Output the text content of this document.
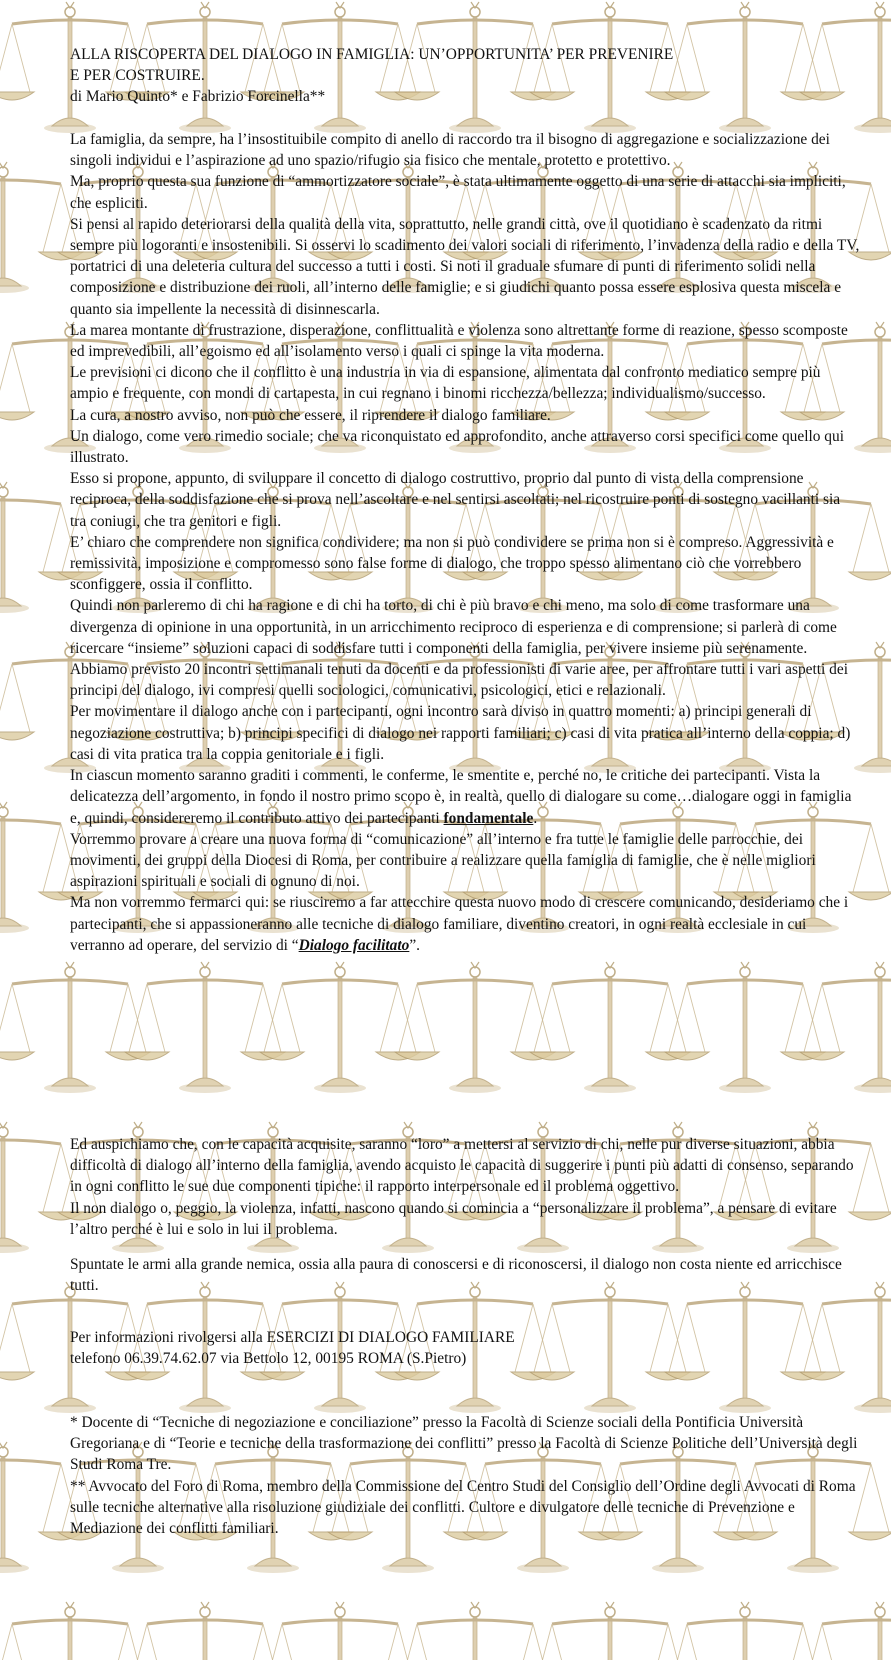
ALLA RISCOPERTA DEL DIALOGO IN FAMIGLIA: UN’OPPORTUNITA’ PER PREVENIRE

E PER COSTRUIRE.

di Mario Quinto* e Fabrizio Forcinella**

La famiglia, da sempre, ha l’insostituibile compito di anello di raccordo tra il bisogno di aggregazione e socializzazione dei singoli individui e l’aspirazione ad uno spazio/rifugio sia fisico che mentale, protetto e protettivo.

Ma, proprio questa sua funzione di “ammortizzatore sociale”, è stata ultimamente oggetto di una serie di attacchi sia impliciti, che espliciti.

Si pensi al rapido deteriorarsi della qualità della vita, soprattutto, nelle grandi città, ove il quotidiano è scadenzato da ritmi sempre più logoranti e insostenibili. Si osservi lo scadimento dei valori sociali di riferimento, l’invadenza della radio e della TV, portatrici di una deleteria cultura del successo a tutti i costi. Si noti il graduale sfumare di punti di riferimento solidi nella composizione e distribuzione dei ruoli, all’interno delle famiglie; e si giudichi quanto possa essere esplosiva questa miscela e quanto sia impellente la necessità di disinnescarla.

La marea montante di frustrazione, disperazione, conflittualità e violenza sono altrettante forme di reazione, spesso scomposte ed imprevedibili, all’egoismo ed all’isolamento verso i quali ci spinge la vita moderna.

Le previsioni ci dicono che il conflitto è una industria in via di espansione, alimentata dal confronto mediatico sempre più ampio e frequente, con mondi di cartapesta, in cui regnano i binomi ricchezza/bellezza; individualismo/successo.

La cura, a nostro avviso, non può che essere, il riprendere il dialogo familiare.

Un dialogo, come vero rimedio sociale; che va riconquistato ed approfondito, anche attraverso corsi specifici come quello qui illustrato.

Esso si propone, appunto, di sviluppare il concetto di dialogo costruttivo, proprio dal punto di vista della comprensione reciproca, della soddisfazione che si prova nell’ascoltare e nel sentirsi ascoltati; nel ricostruire ponti di sostegno vacillanti sia tra coniugi, che tra genitori e figli.

E’ chiaro che comprendere non significa condividere; ma non si può condividere se prima non si è compreso. Aggressività e remissività, imposizione e compromesso sono false forme di dialogo, che troppo spesso alimentano ciò che vorrebbero sconfiggere, ossia il conflitto.

Quindi non parleremo di chi ha ragione e di chi ha torto, di chi è più bravo e chi meno, ma solo di come trasformare una divergenza di opinione in una opportunità, in un arricchimento reciproco di esperienza e di comprensione; si parlerà di come ricercare “insieme” soluzioni capaci di soddisfare tutti i componenti della famiglia, per vivere insieme più serenamente.

Abbiamo previsto 20 incontri settimanali tenuti da docenti e da professionisti di varie aree, per affrontare tutti i vari aspetti dei principi del dialogo, ivi compresi quelli sociologici, comunicativi, psicologici, etici e relazionali.

Per movimentare il dialogo anche con i partecipanti, ogni incontro sarà diviso in quattro momenti: a) principi generali di negoziazione costruttiva; b) principi specifici di dialogo nei rapporti familiari; c) casi di vita pratica all’interno della coppia; d) casi di vita pratica tra la coppia genitoriale e i figli.

In ciascun momento saranno graditi i commenti, le conferme, le smentite e, perché no, le critiche dei partecipanti. Vista la delicatezza dell’argomento, in fondo il nostro primo scopo è, in realtà, quello di dialogare su come…dialogare oggi in famiglia e, quindi, considereremo il contributo attivo dei partecipanti fondamentale.

Vorremmo provare a creare una nuova forma di “comunicazione” all’interno e fra tutte le famiglie delle parrocchie, dei movimenti, dei gruppi della Diocesi di Roma, per contribuire a realizzare quella famiglia di famiglie, che è nelle migliori aspirazioni spirituali e sociali di ognuno di noi.

Ma non vorremmo fermarci qui: se riusciremo a far attecchire questa nuovo modo di crescere comunicando, desideriamo che i partecipanti, che si appassioneranno alle tecniche di dialogo familiare, diventino creatori, in ogni realtà ecclesiale in cui verranno ad operare, del servizio di “Dialogo facilitato”.

Ed auspichiamo che, con le capacità acquisite, saranno “loro” a mettersi al servizio di chi, nelle pur diverse situazioni, abbia difficoltà di dialogo all’interno della famiglia, avendo acquisto le capacità di suggerire i punti più adatti di consenso, separando in ogni conflitto le sue due componenti tipiche: il rapporto interpersonale ed il problema oggettivo.

Il non dialogo o, peggio, la violenza, infatti, nascono quando si comincia a “personalizzare il problema”, a pensare di evitare l’altro perché è lui e solo in lui il problema.

Spuntate le armi alla grande nemica, ossia alla paura di conoscersi e di riconoscersi, il dialogo non costa niente ed arricchisce tutti.

Per informazioni rivolgersi alla ESERCIZI DI DIALOGO FAMILIARE

telefono 06.39.74.62.07 via Bettolo 12, 00195 ROMA (S.Pietro)

* Docente di “Tecniche di negoziazione e conciliazione” presso la Facoltà di Scienze sociali della Pontificia Università Gregoriana e di “Teorie e tecniche della trasformazione dei conflitti” presso la Facoltà di Scienze Politiche dell’Università degli Studi Roma Tre.

** Avvocato del Foro di Roma, membro della Commissione del Centro Studi del Consiglio dell’Ordine degli Avvocati di Roma sulle tecniche alternative alla risoluzione giudiziale dei conflitti. Cultore e divulgatore delle tecniche di Prevenzione e Mediazione dei conflitti familiari.
